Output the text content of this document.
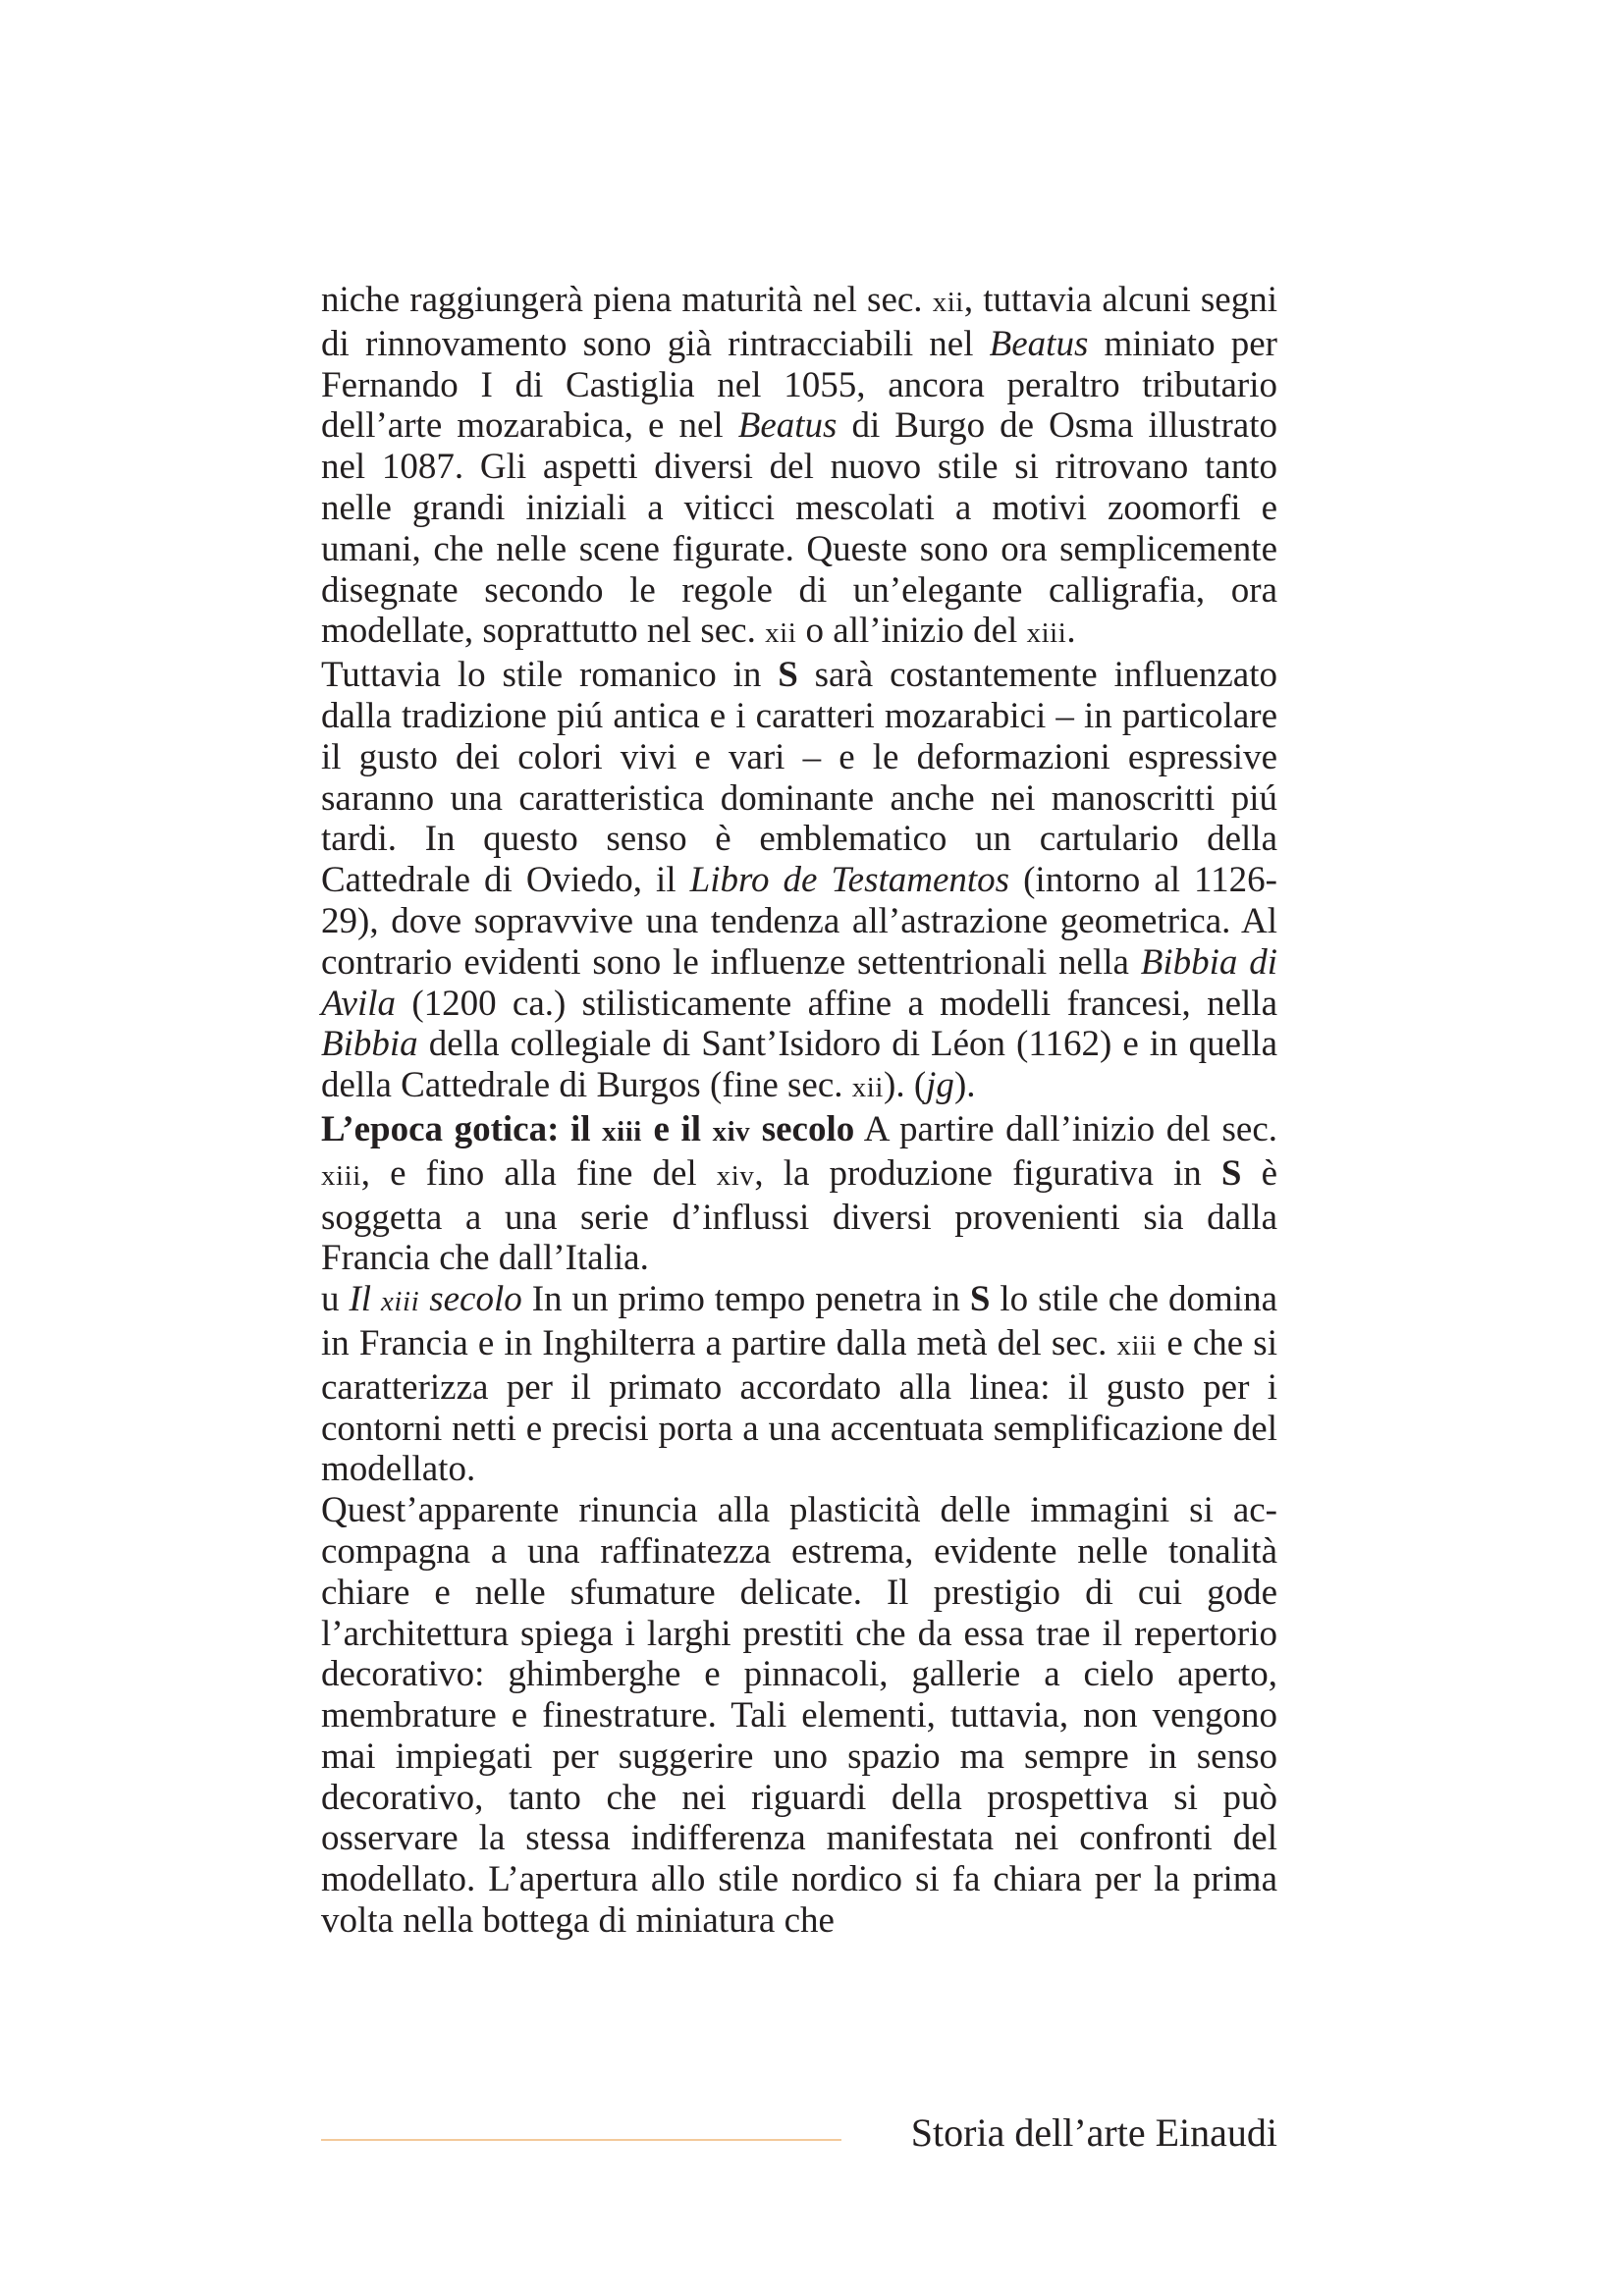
niche raggiungerà piena maturità nel sec. xii, tuttavia alcuni segni di rinnovamento sono già rintracciabili nel Beatus miniato per Fernando I di Castiglia nel 1055, ancora peraltro tributario dell’arte mozarabica, e nel Beatus di Burgo de Osma illustrato nel 1087. Gli aspetti diversi del nuovo stile si ritrovano tanto nelle grandi iniziali a viticci mescolati a motivi zoomorfi e umani, che nelle scene figurate. Queste sono ora semplicemente disegnate secondo le regole di un’elegante calligrafia, ora modellate, soprattutto nel sec. xii o all’inizio del xiii.

Tuttavia lo stile romanico in S sarà costantemente influenzato dalla tradizione piú antica e i caratteri mozarabici – in particolare il gusto dei colori vivi e vari – e le deformazioni espressive saranno una caratteristica dominante anche nei manoscritti piú tardi. In questo senso è emblematico un cartulario della Cattedrale di Oviedo, il Libro de Testamentos (intorno al 1126-29), dove sopravvive una tendenza all’astrazione geometrica. Al contrario evidenti sono le influenze settentrionali nella Bibbia di Avila (1200 ca.) stilisticamente affine a modelli francesi, nella Bibbia della collegiale di Sant’Isidoro di Léon (1162) e in quella della Cattedrale di Burgos (fine sec. xii). (jg).

L’epoca gotica: il xiii e il xiv secolo A partire dall’inizio del sec. xiii, e fino alla fine del xiv, la produzione figurativa in S è soggetta a una serie d’influssi diversi provenienti sia dalla Francia che dall’Italia.

u Il xiii secolo In un primo tempo penetra in S lo stile che domina in Francia e in Inghilterra a partire dalla metà del sec. xiii e che si caratterizza per il primato accordato alla linea: il gusto per i contorni netti e precisi porta a una accentuata semplificazione del modellato.

Quest’apparente rinuncia alla plasticità delle immagini si accompagna a una raffinatezza estrema, evidente nelle tonalità chiare e nelle sfumature delicate. Il prestigio di cui gode l’architettura spiega i larghi prestiti che da essa trae il repertorio decorativo: ghimberghe e pinnacoli, gallerie a cielo aperto, membrature e finestrature. Tali elementi, tuttavia, non vengono mai impiegati per suggerire uno spazio ma sempre in senso decorativo, tanto che nei riguardi della prospettiva si può osservare la stessa indifferenza manifestata nei confronti del modellato. L’apertura allo stile nordico si fa chiara per la prima volta nella bottega di miniatura che

Storia dell’arte Einaudi
